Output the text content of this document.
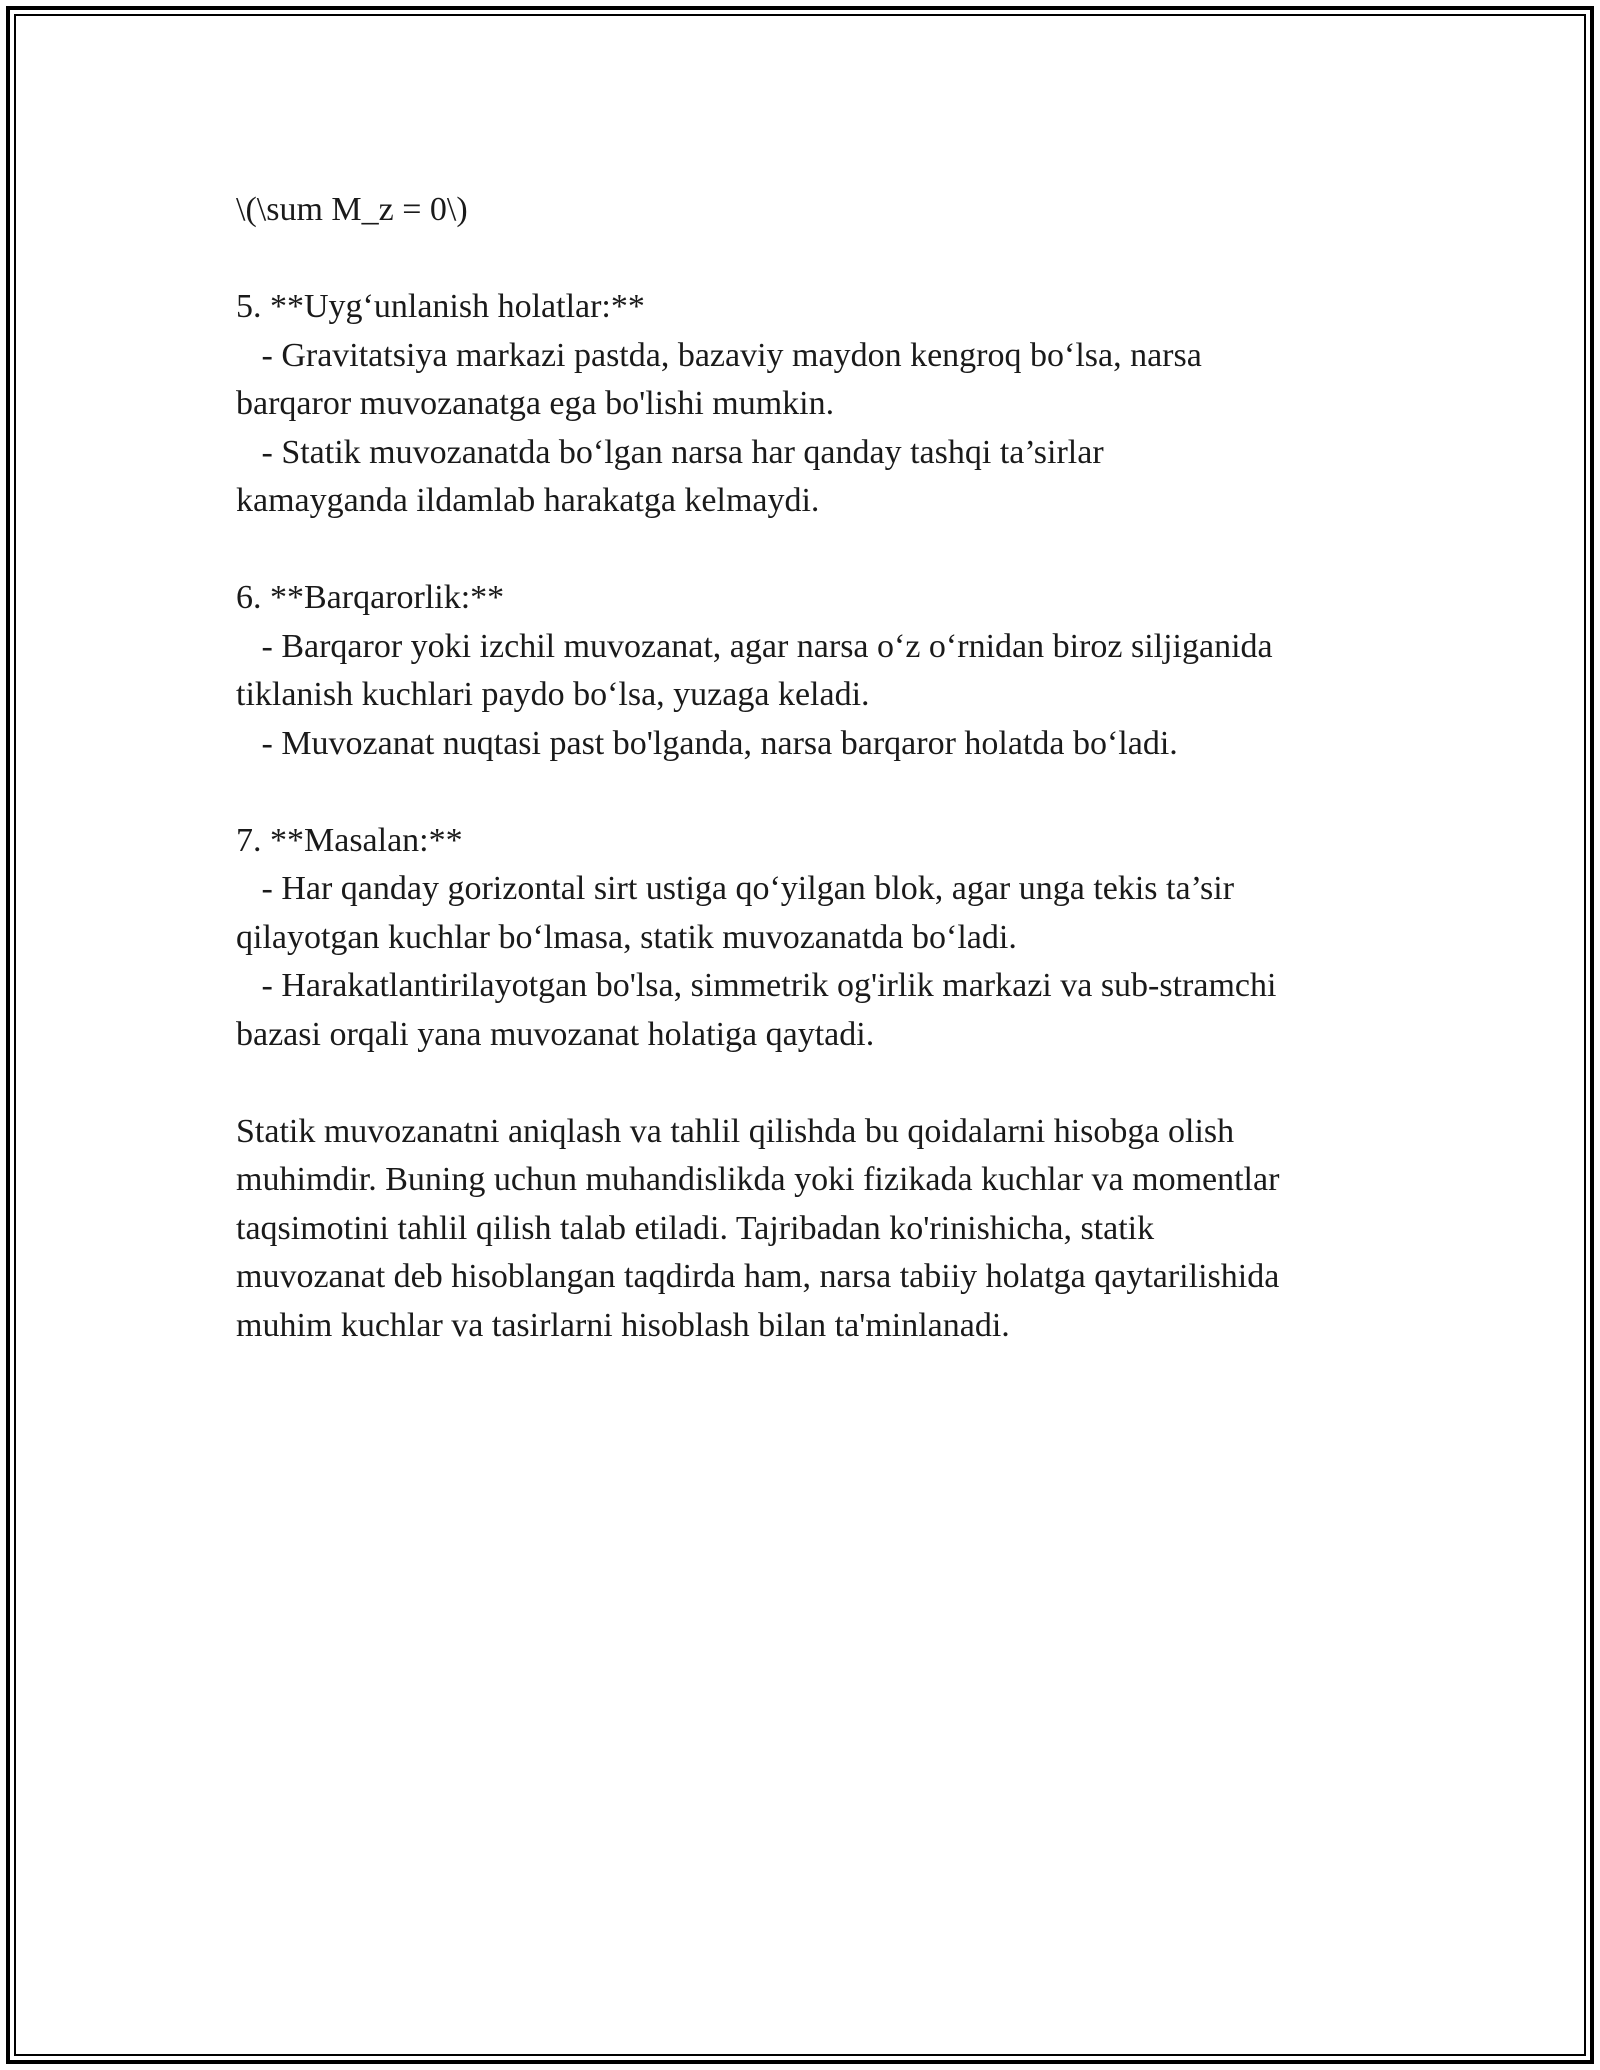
\(\sum M_z = 0\)
5. **Uyg‘unlanish holatlar:**
- Gravitatsiya markazi pastda, bazaviy maydon kengroq bo‘lsa, narsa
barqaror muvozanatga ega bo'lishi mumkin.
- Statik muvozanatda bo‘lgan narsa har qanday tashqi ta’sirlar
kamayganda ildamlab harakatga kelmaydi.
6. **Barqarorlik:**
- Barqaror yoki izchil muvozanat, agar narsa o‘z o‘rnidan biroz siljiganida
tiklanish kuchlari paydo bo‘lsa, yuzaga keladi.
- Muvozanat nuqtasi past bo'lganda, narsa barqaror holatda bo‘ladi.
7. **Masalan:**
- Har qanday gorizontal sirt ustiga qo‘yilgan blok, agar unga tekis ta’sir
qilayotgan kuchlar bo‘lmasa, statik muvozanatda bo‘ladi.
- Harakatlantirilayotgan bo'lsa, simmetrik og'irlik markazi va sub-stramchi
bazasi orqali yana muvozanat holatiga qaytadi.
Statik muvozanatni aniqlash va tahlil qilishda bu qoidalarni hisobga olish
muhimdir. Buning uchun muhandislikda yoki fizikada kuchlar va momentlar
taqsimotini tahlil qilish talab etiladi. Tajribadan ko'rinishicha, statik
muvozanat deb hisoblangan taqdirda ham, narsa tabiiy holatga qaytarilishida
muhim kuchlar va tasirlarni hisoblash bilan ta'minlanadi.
